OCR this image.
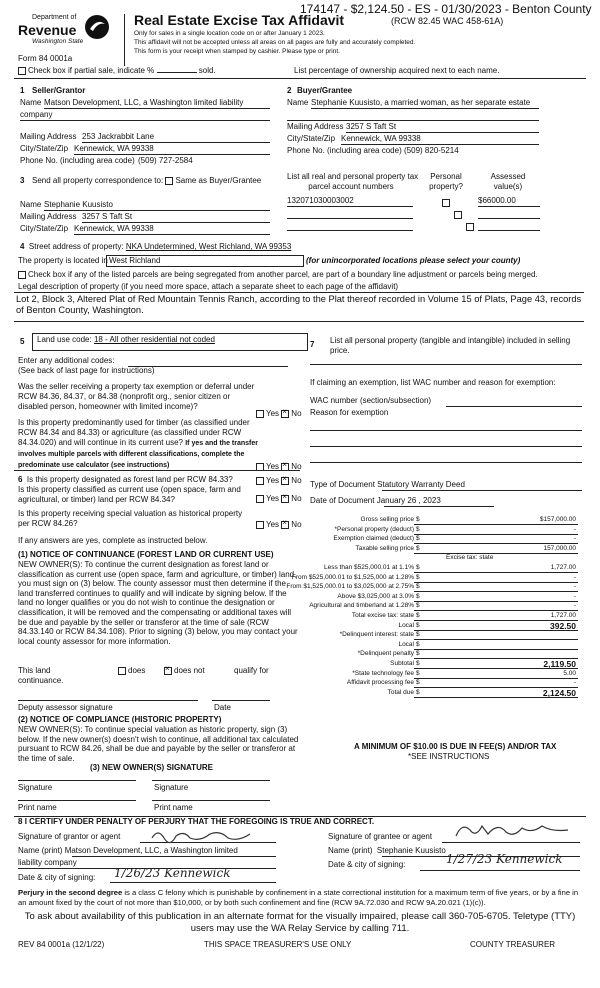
174147 - $2,124.50 - ES - 01/30/2023 - Benton County
Department of
Revenue
Washington State
Form 84 0001a
Real Estate Excise Tax Affidavit	(RCW 82.45 WAC 458-61A)
Only for sales in a single location code on or after January 1 2023.
This affidavit will not be accepted unless all areas on all pages are fully and accurately completed.
This form is your receipt when stamped by cashier. Please type or print.
Check box if partial sale, indicate %	sold.	List percentage of ownership acquired next to each name.
1 Seller/Grantor
Name Matson Development, LLC, a Washington limited liability
company
Mailing Address 253 Jackrabbit Lane
City/State/Zip Kennewick, WA 99338
Phone No. (including area code) (509) 727-2584
2 Buyer/Grantee
Name Stephanie Kuusisto, a married woman, as her separate estate
Mailing Address 3257 S Taft St
City/State/Zip Kennewick, WA 99338
Phone No. (including area code) (509) 820-5214
3 Send all property correspondence to: Same as Buyer/Grantee
Name Stephanie Kuusisto
Mailing Address 3257 S Taft St
City/State/Zip Kennewick, WA 99338
List all real and personal property tax
parcel account numbers
Personal
property?
Assessed
value(s)
132071030003002
	$66000.00
4 Street address of property: NKA Undetermined, West Richland, WA 99353
The property is located in West Richland	(for unincorporated locations please select your county)
Check box if any of the listed parcels are being segregated from another parcel, are part of a boundary line adjustment or parcels being merged.
Legal description of property (if you need more space, attach a separate sheet to each page of the affidavit)
Lot 2, Block 3, Altered Plat of Red Mountain Tennis Ranch, according to the Plat thereof recorded in Volume 15 of Plats, Page 43, records of Benton County, Washington.
5	Land use code: 18 - All other residential not coded
Enter any additional codes:
(See back of last page for instructions)
Was the seller receiving a property tax exemption or deferral under RCW 84.36, 84.37, or 84.38 (nonprofit org., senior citizen or disabled person, homeowner with limited income)?
Yes × No
Is this property predominantly used for timber (as classified under RCW 84.34 and 84.33) or agriculture (as classified under RCW 84.34.020) and will continue in its current use? If yes and the transfer involves multiple parcels with different classifications, complete the predominate use calculator (see instructions)	Yes × No
6 Is this property designated as forest land per RCW 84.33?	Yes × No
Is this property classified as current use (open space, farm and agricultural, or timber) land per RCW 84.34?	Yes × No
Is this property receiving special valuation as historical property per RCW 84.26?	Yes × No
If any answers are yes, complete as instructed below.
(1) NOTICE OF CONTINUANCE (FOREST LAND OR CURRENT USE)
NEW OWNER(S): To continue the current designation as forest land or classification as current use (open space, farm and agriculture, or timber) land, you must sign on (3) below. The county assessor must then determine if the land transferred continues to qualify and will indicate by signing below. If the land no longer qualifies or you do not wish to continue the designation or classification, it will be removed and the compensating or additional taxes will be due and payable by the seller or transferor at the time of sale (RCW 84.33.140 or RCW 84.34.108). Prior to signing (3) below, you may contact your local county assessor for more information.
This land	does ×	does not	qualify for
continuance.
Deputy assessor signature	Date
(2) NOTICE OF COMPLIANCE (HISTORIC PROPERTY)
NEW OWNER(S): To continue special valuation as historic property, sign (3) below. If the new owner(s) doesn't wish to continue, all additional tax calculated pursuant to RCW 84.26, shall be due and payable by the seller or transferor at the time of sale.
(3) NEW OWNER(S) SIGNATURE
Signature	Signature
Print name	Print name
7 List all personal property (tangible and intangible) included in selling price.
If claiming an exemption, list WAC number and reason for exemption:
WAC number (section/subsection)
Reason for exemption
Type of Document Statutory Warranty Deed
Date of Document January 26 , 2023
Gross selling price $	$157,000.00
*Personal property (deduct) $	-
Exemption claimed (deduct) $	-
Taxable selling price $	157,000.00
Excise tax: state
Less than $525,000.01 at 1.1% $	1,727.00
From $525,000.01 to $1,525,000 at 1.28% $	-
From $1,525,000.01 to $3,025,000 at 2.75% $	-
Above $3,025,000 at 3.0% $	-
Agricultural and timberland at 1.28% $	-
Total excise tax: state $	1,727.00
Local $	392.50
*Delinquent interest: state $
Local $
*Delinquent penalty $
Subtotal $	2,119.50
*State technology fee $	5.00
Affidavit processing fee $	-
Total due $	2,124.50
A MINIMUM OF $10.00 IS DUE IN FEE(S) AND/OR TAX
*SEE INSTRUCTIONS
8 I CERTIFY UNDER PENALTY OF PERJURY THAT THE FOREGOING IS TRUE AND CORRECT.
Signature of grantor or agent
Name (print) Matson Development, LLC, a Washington limited
liability company
Date & city of signing: 1/26/23 Kennewick
Signature of grantee or agent
Name (print) Stephanie Kuusisto
Date & city of signing:	1/27/23 Kennewick
Perjury in the second degree is a class C felony which is punishable by confinement in a state correctional institution for a maximum term of five years, or by a fine in an amount fixed by the court of not more than $10,000, or by both such confinement and fine (RCW 9A.72.030 and RCW 9A.20.021 (1)(c)).
To ask about availability of this publication in an alternate format for the visually impaired, please call 360-705-6705. Teletype (TTY) users may use the WA Relay Service by calling 711.
REV 84 0001a (12/1/22)	THIS SPACE TREASURER'S USE ONLY	COUNTY TREASURER
